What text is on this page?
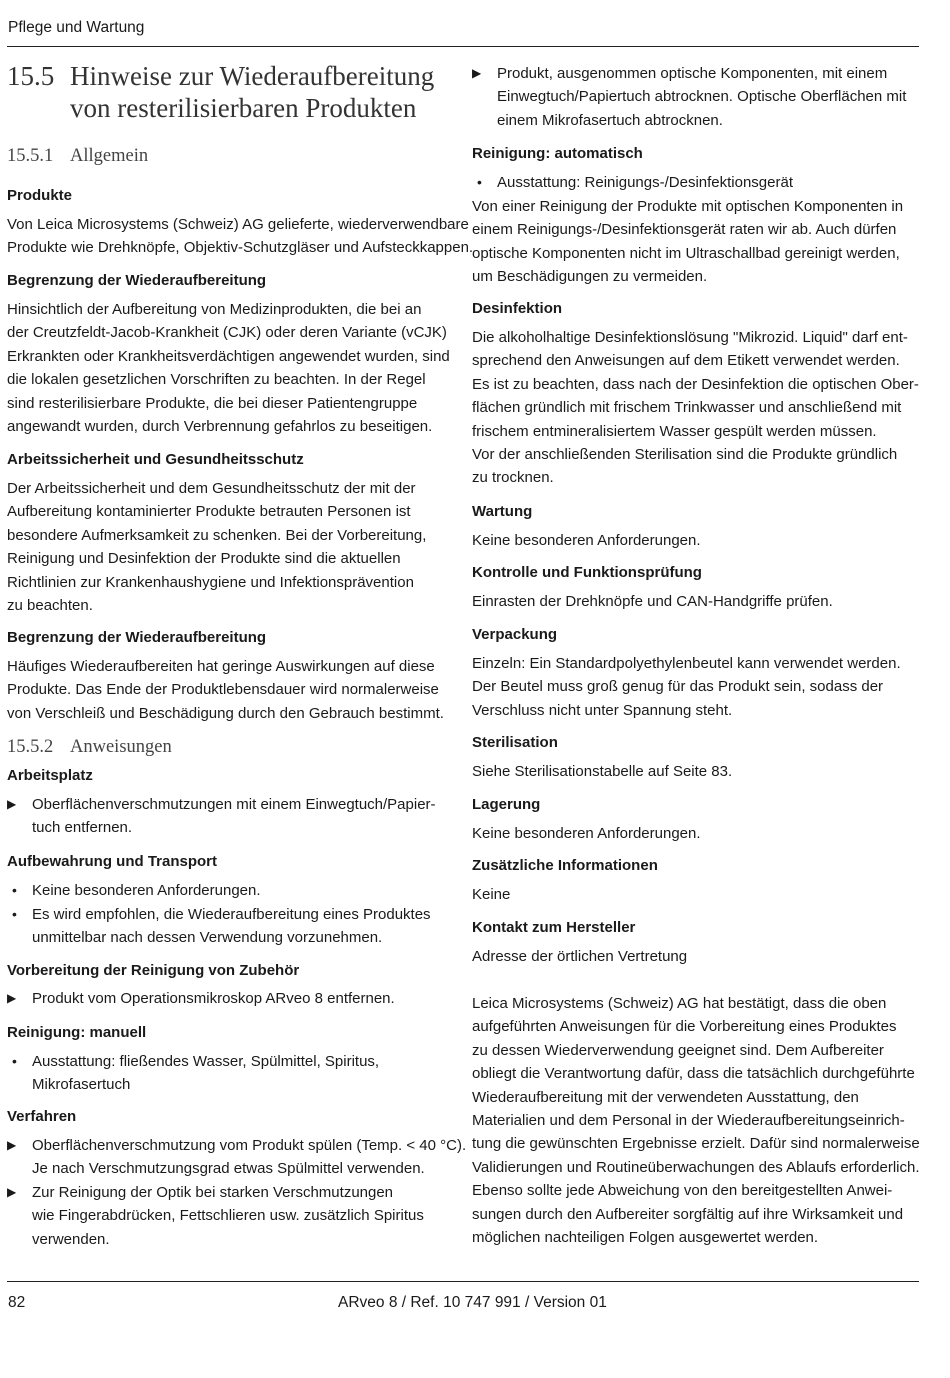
Pflege und Wartung
15.5 Hinweise zur Wiederaufbereitung
von resterilisierbaren Produkten
15.5.1 Allgemein
Produkte
Von Leica Microsystems (Schweiz) AG gelieferte, wiederverwendbare
Produkte wie Drehknöpfe, Objektiv-Schutzgläser und Aufsteckkappen.
Begrenzung der Wiederaufbereitung
Hinsichtlich der Aufbereitung von Medizinprodukten, die bei an
der Creutzfeldt-Jacob-Krankheit (CJK) oder deren Variante (vCJK)
Erkrankten oder Krankheitsverdächtigen angewendet wurden, sind
die lokalen gesetzlichen Vorschriften zu beachten. In der Regel
sind resterilisierbare Produkte, die bei dieser Patientengruppe
angewandt wurden, durch Verbrennung gefahrlos zu beseitigen.
Arbeitssicherheit und Gesundheitsschutz
Der Arbeitssicherheit und dem Gesundheitsschutz der mit der
Aufbereitung kontaminierter Produkte betrauten Personen ist
besondere Aufmerksamkeit zu schenken. Bei der Vorbereitung,
Reinigung und Desinfektion der Produkte sind die aktuellen
Richtlinien zur Krankenhaushygiene und Infektionsprävention
zu beachten.
Begrenzung der Wiederaufbereitung
Häufiges Wiederaufbereiten hat geringe Auswirkungen auf diese
Produkte. Das Ende der Produktlebensdauer wird normalerweise
von Verschleiß und Beschädigung durch den Gebrauch bestimmt.
15.5.2 Anweisungen
Arbeitsplatz
▶ Oberflächenverschmutzungen mit einem Einwegtuch/Papier-
tuch entfernen.
Aufbewahrung und Transport
• Keine besonderen Anforderungen.
• Es wird empfohlen, die Wiederaufbereitung eines Produktes
unmittelbar nach dessen Verwendung vorzunehmen.
Vorbereitung der Reinigung von Zubehör
▶ Produkt vom Operationsmikroskop ARveo 8 entfernen.
Reinigung: manuell
• Ausstattung: fließendes Wasser, Spülmittel, Spiritus,
Mikrofasertuch
Verfahren
▶ Oberflächenverschmutzung vom Produkt spülen (Temp. < 40 °C).
Je nach Verschmutzungsgrad etwas Spülmittel verwenden.
▶ Zur Reinigung der Optik bei starken Verschmutzungen
wie Fingerabdrücken, Fettschlieren usw. zusätzlich Spiritus
verwenden.
▶ Produkt, ausgenommen optische Komponenten, mit einem
Einwegtuch/Papiertuch abtrocknen. Optische Oberflächen mit
einem Mikrofasertuch abtrocknen.
Reinigung: automatisch
• Ausstattung: Reinigungs-/Desinfektionsgerät
Von einer Reinigung der Produkte mit optischen Komponenten in
einem Reinigungs-/Desinfektionsgerät raten wir ab. Auch dürfen
optische Komponenten nicht im Ultraschallbad gereinigt werden,
um Beschädigungen zu vermeiden.
Desinfektion
Die alkoholhaltige Desinfektionslösung "Mikrozid. Liquid" darf ent-
sprechend den Anweisungen auf dem Etikett verwendet werden.
Es ist zu beachten, dass nach der Desinfektion die optischen Ober-
flächen gründlich mit frischem Trinkwasser und anschließend mit
frischem entmineralisiertem Wasser gespült werden müssen.
Vor der anschließenden Sterilisation sind die Produkte gründlich
zu trocknen.
Wartung
Keine besonderen Anforderungen.
Kontrolle und Funktionsprüfung
Einrasten der Drehknöpfe und CAN-Handgriffe prüfen.
Verpackung
Einzeln: Ein Standardpolyethylenbeutel kann verwendet werden.
Der Beutel muss groß genug für das Produkt sein, sodass der
Verschluss nicht unter Spannung steht.
Sterilisation
Siehe Sterilisationstabelle auf Seite 83.
Lagerung
Keine besonderen Anforderungen.
Zusätzliche Informationen
Keine
Kontakt zum Hersteller
Adresse der örtlichen Vertretung
Leica Microsystems (Schweiz) AG hat bestätigt, dass die oben
aufgeführten Anweisungen für die Vorbereitung eines Produktes
zu dessen Wiederverwendung geeignet sind. Dem Aufbereiter
obliegt die Verantwortung dafür, dass die tatsächlich durchgeführte
Wiederaufbereitung mit der verwendeten Ausstattung, den
Materialien und dem Personal in der Wiederaufbereitungseinrich-
tung die gewünschten Ergebnisse erzielt. Dafür sind normalerweise
Validierungen und Routineüberwachungen des Ablaufs erforderlich.
Ebenso sollte jede Abweichung von den bereitgestellten Anwei-
sungen durch den Aufbereiter sorgfältig auf ihre Wirksamkeit und
möglichen nachteiligen Folgen ausgewertet werden.
82	ARveo 8 / Ref. 10 747 991 / Version 01
